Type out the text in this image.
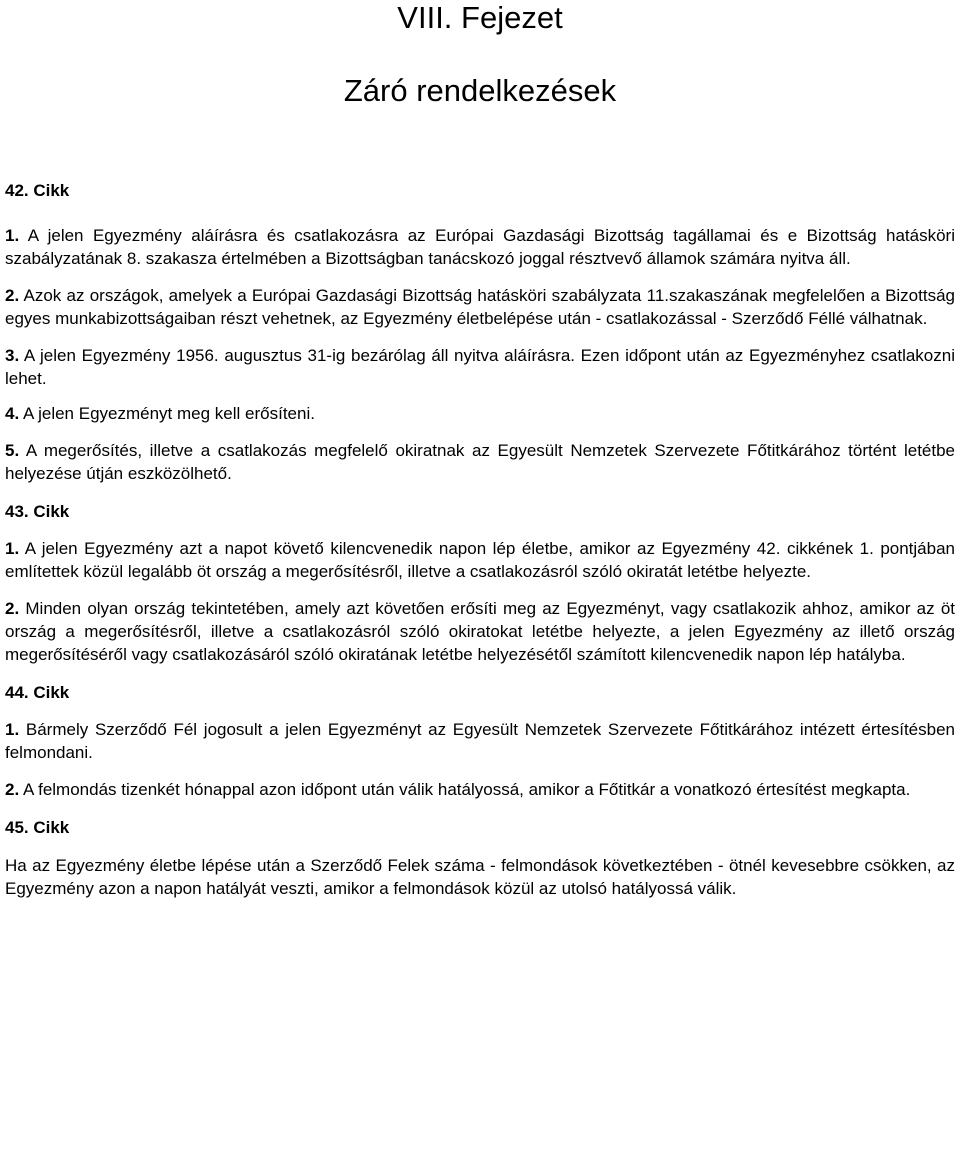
VIII. Fejezet
Záró rendelkezések

42. Cikk

1. A jelen Egyezmény aláírásra és csatlakozásra az Európai Gazdasági Bizottság tagállamai és e Bizottság hatásköri szabályzatának 8. szakasza értelmében a Bizottságban tanácskozó joggal résztvevő államok számára nyitva áll.

2. Azok az országok, amelyek a Európai Gazdasági Bizottság hatásköri szabályzata 11.szakaszának megfelelően a Bizottság egyes munkabizottságaiban részt vehetnek, az Egyezmény életbelépése után - csatlakozással - Szerződő Féllé válhatnak.

3. A jelen Egyezmény 1956. augusztus 31-ig bezárólag áll nyitva aláírásra. Ezen időpont után az Egyezményhez csatlakozni lehet.

4. A jelen Egyezményt meg kell erősíteni.

5. A megerősítés, illetve a csatlakozás megfelelő okiratnak az Egyesült Nemzetek Szervezete Főtitkárához történt letétbe helyezése útján eszközölhető.

43. Cikk

1. A jelen Egyezmény azt a napot követő kilencvenedik napon lép életbe, amikor az Egyezmény 42. cikkének 1. pontjában említettek közül legalább öt ország a megerősítésről, illetve a csatlakozásról szóló okiratát letétbe helyezte.

2. Minden olyan ország tekintetében, amely azt követően erősíti meg az Egyezményt, vagy csatlakozik ahhoz, amikor az öt ország a megerősítésről, illetve a csatlakozásról szóló okiratokat letétbe helyezte, a jelen Egyezmény az illető ország megerősítéséről vagy csatlakozásáról szóló okiratának letétbe helyezésétől számított kilencvenedik napon lép hatályba.

44. Cikk

1. Bármely Szerződő Fél jogosult a jelen Egyezményt az Egyesült Nemzetek Szervezete Főtitkárához intézett értesítésben felmondani.

2. A felmondás tizenkét hónappal azon időpont után válik hatályossá, amikor a Főtitkár a vonatkozó értesítést megkapta.

45. Cikk

Ha az Egyezmény életbe lépése után a Szerződő Felek száma - felmondások következtében - ötnél kevesebbre csökken, az Egyezmény azon a napon hatályát veszti, amikor a felmondások közül az utolsó hatályossá válik.
